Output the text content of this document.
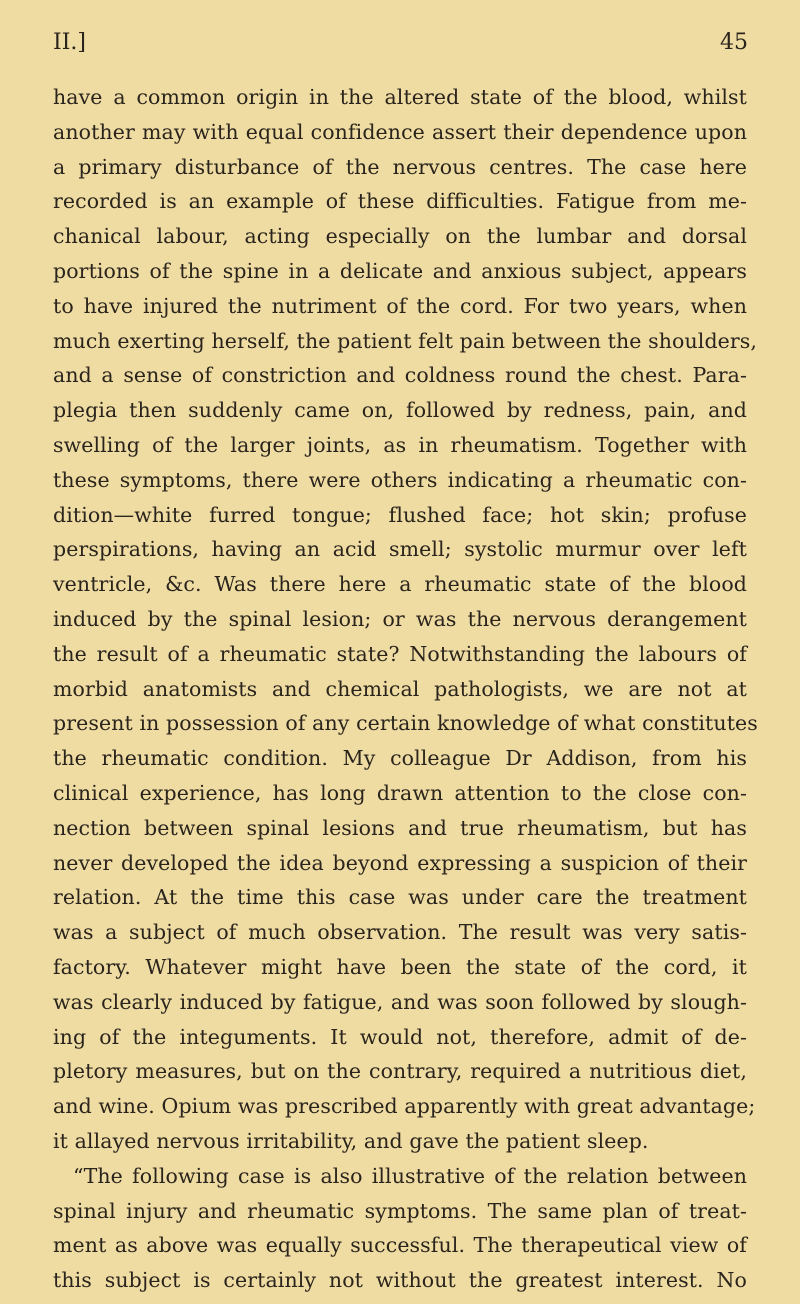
II.]	45
have a common origin in the altered state of the blood, whilst
another may with equal confidence assert their dependence upon
a primary disturbance of the nervous centres. The case here
recorded is an example of these difficulties. Fatigue from me-
chanical labour, acting especially on the lumbar and dorsal
portions of the spine in a delicate and anxious subject, appears
to have injured the nutriment of the cord. For two years, when
much exerting herself, the patient felt pain between the shoulders,
and a sense of constriction and coldness round the chest. Para-
plegia then suddenly came on, followed by redness, pain, and
swelling of the larger joints, as in rheumatism. Together with
these symptoms, there were others indicating a rheumatic con-
dition—white furred tongue; flushed face; hot skin; profuse
perspirations, having an acid smell; systolic murmur over left
ventricle, &c. Was there here a rheumatic state of the blood
induced by the spinal lesion; or was the nervous derangement
the result of a rheumatic state? Notwithstanding the labours of
morbid anatomists and chemical pathologists, we are not at
present in possession of any certain knowledge of what constitutes
the rheumatic condition. My colleague Dr Addison, from his
clinical experience, has long drawn attention to the close con-
nection between spinal lesions and true rheumatism, but has
never developed the idea beyond expressing a suspicion of their
relation. At the time this case was under care the treatment
was a subject of much observation. The result was very satis-
factory. Whatever might have been the state of the cord, it
was clearly induced by fatigue, and was soon followed by slough-
ing of the integuments. It would not, therefore, admit of de-
pletory measures, but on the contrary, required a nutritious diet,
and wine. Opium was prescribed apparently with great advantage;
it allayed nervous irritability, and gave the patient sleep.
“The following case is also illustrative of the relation between
spinal injury and rheumatic symptoms. The same plan of treat-
ment as above was equally successful. The therapeutical view of
this subject is certainly not without the greatest interest. No
